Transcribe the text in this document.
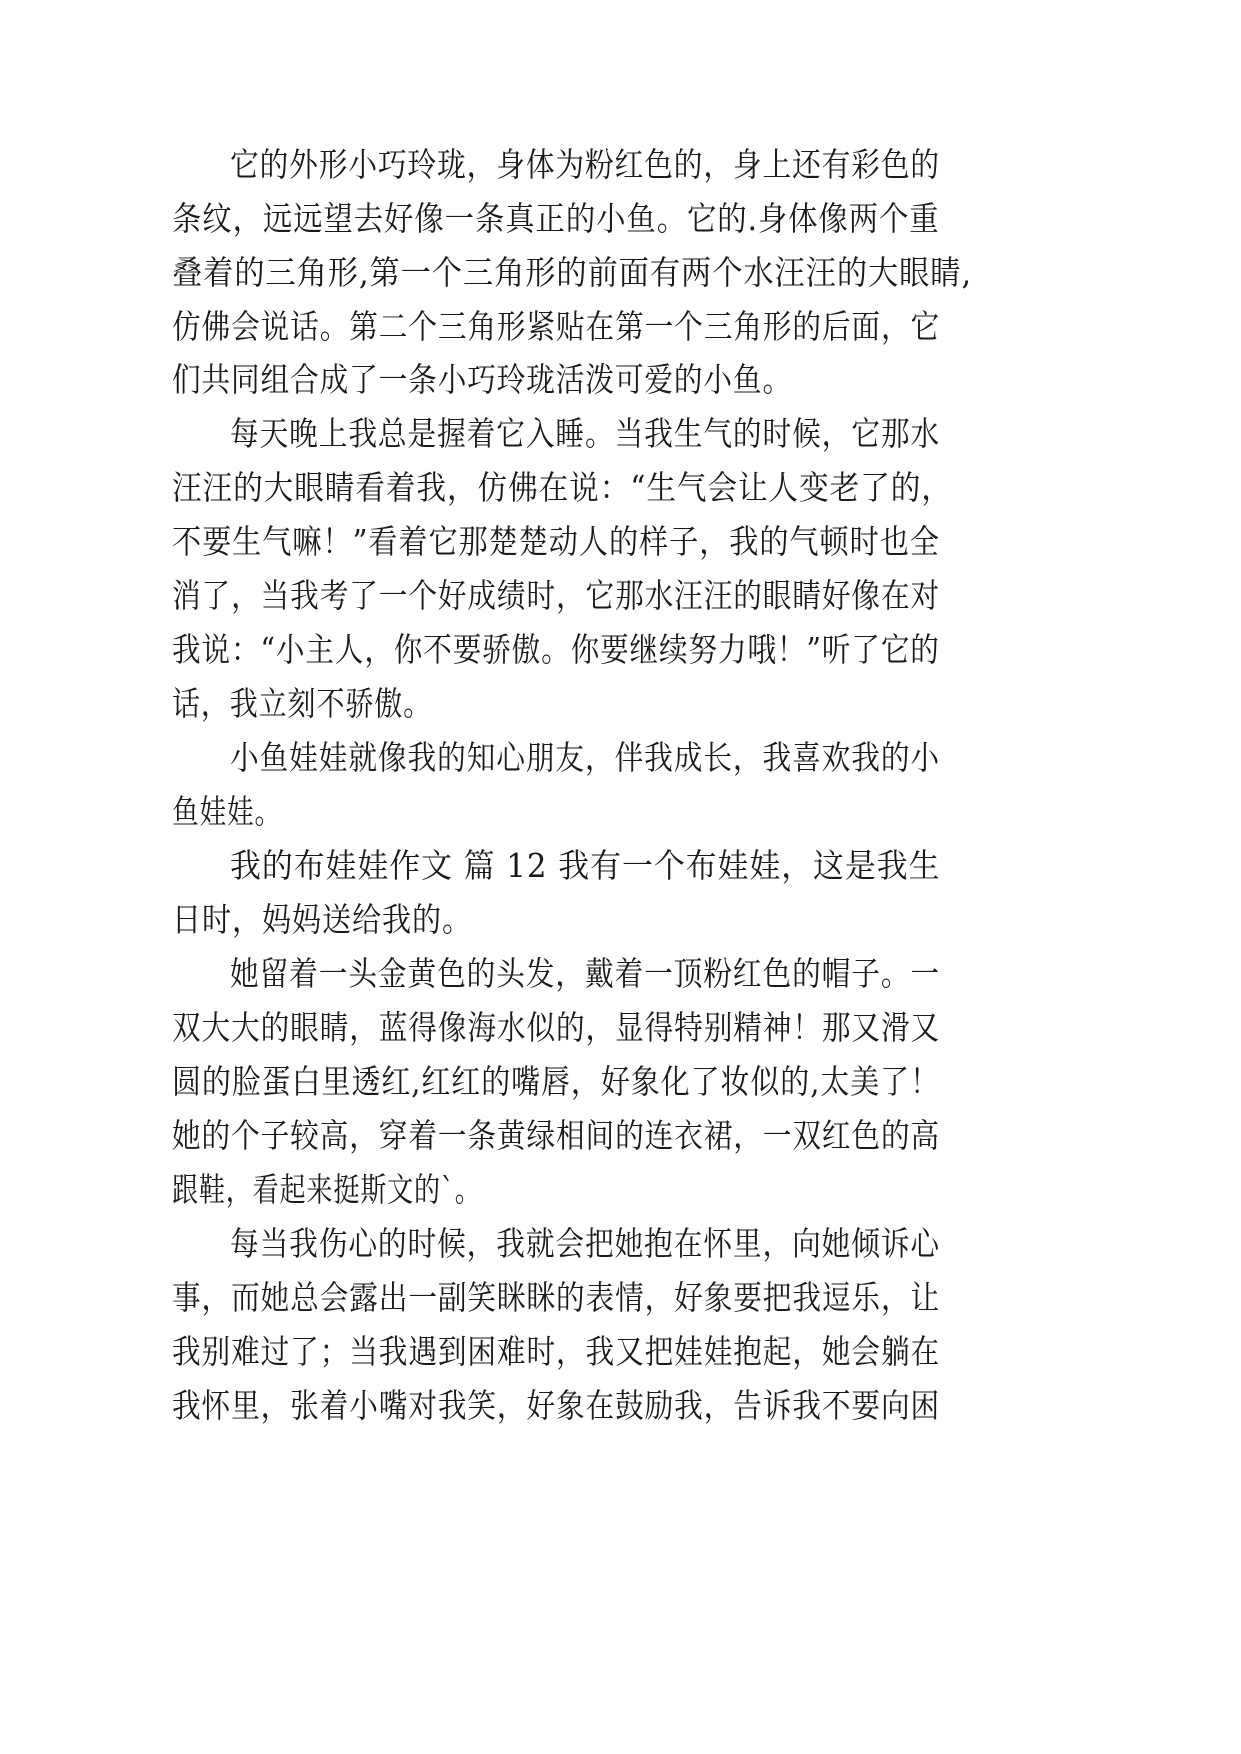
它的外形小巧玲珑，身体为粉红色的，身上还有彩色的
条纹，远远望去好像一条真正的小鱼。它的.身体像两个重
叠着的三角形,第一个三角形的前面有两个水汪汪的大眼睛,
仿佛会说话。第二个三角形紧贴在第一个三角形的后面，它
们共同组合成了一条小巧玲珑活泼可爱的小鱼。
每天晚上我总是握着它入睡。当我生气的时候，它那水
汪汪的大眼睛看着我，仿佛在说：“生气会让人变老了的，
不要生气嘛！”看着它那楚楚动人的样子，我的气顿时也全
消了，当我考了一个好成绩时，它那水汪汪的眼睛好像在对
我说：“小主人，你不要骄傲。你要继续努力哦！”听了它的
话，我立刻不骄傲。
小鱼娃娃就像我的知心朋友，伴我成长，我喜欢我的小
鱼娃娃。
我的布娃娃作文 篇 12 我有一个布娃娃，这是我生
日时，妈妈送给我的。
她留着一头金黄色的头发，戴着一顶粉红色的帽子。一
双大大的眼睛，蓝得像海水似的，显得特别精神！那又滑又
圆的脸蛋白里透红,红红的嘴唇，好象化了妆似的,太美了！
她的个子较高，穿着一条黄绿相间的连衣裙，一双红色的高
跟鞋，看起来挺斯文的`。
每当我伤心的时候，我就会把她抱在怀里，向她倾诉心
事，而她总会露出一副笑眯眯的表情，好象要把我逗乐，让
我别难过了；当我遇到困难时，我又把娃娃抱起，她会躺在
我怀里，张着小嘴对我笑，好象在鼓励我，告诉我不要向困
